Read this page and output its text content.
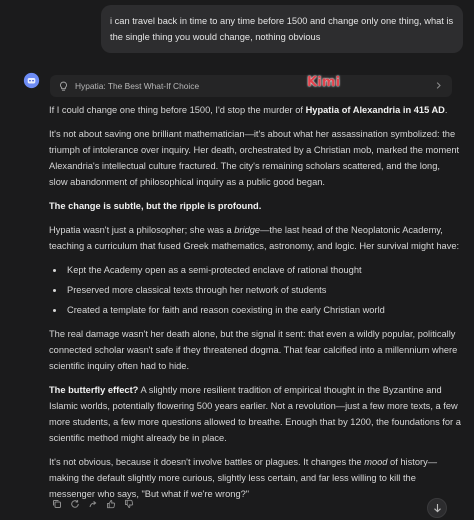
i can travel back in time to any time before 1500 and change only one thing, what is the single thing you would change, nothing obvious
Hypatia: The Best What-If Choice	Kimi

If I could change one thing before 1500, I'd stop the murder of Hypatia of Alexandria in 415 AD.

It's not about saving one brilliant mathematician—it's about what her assassination symbolized: the triumph of intolerance over inquiry. Her death, orchestrated by a Christian mob, marked the moment Alexandria's intellectual culture fractured. The city's remaining scholars scattered, and the long, slow abandonment of philosophical inquiry as a public good began.

The change is subtle, but the ripple is profound.

Hypatia wasn't just a philosopher; she was a bridge—the last head of the Neoplatonic Academy, teaching a curriculum that fused Greek mathematics, astronomy, and logic. Her survival might have:

• Kept the Academy open as a semi-protected enclave of rational thought
• Preserved more classical texts through her network of students
• Created a template for faith and reason coexisting in the early Christian world

The real damage wasn't her death alone, but the signal it sent: that even a wildly popular, politically connected scholar wasn't safe if they threatened dogma. That fear calcified into a millennium where scientific inquiry often had to hide.

The butterfly effect? A slightly more resilient tradition of empirical thought in the Byzantine and Islamic worlds, potentially flowering 500 years earlier. Not a revolution—just a few more texts, a few more students, a few more questions allowed to breathe. Enough that by 1200, the foundations for a scientific method might already be in place.

It's not obvious, because it doesn't involve battles or plagues. It changes the mood of history—making the default slightly more curious, slightly less certain, and far less willing to kill the messenger who says, "But what if we're wrong?"
